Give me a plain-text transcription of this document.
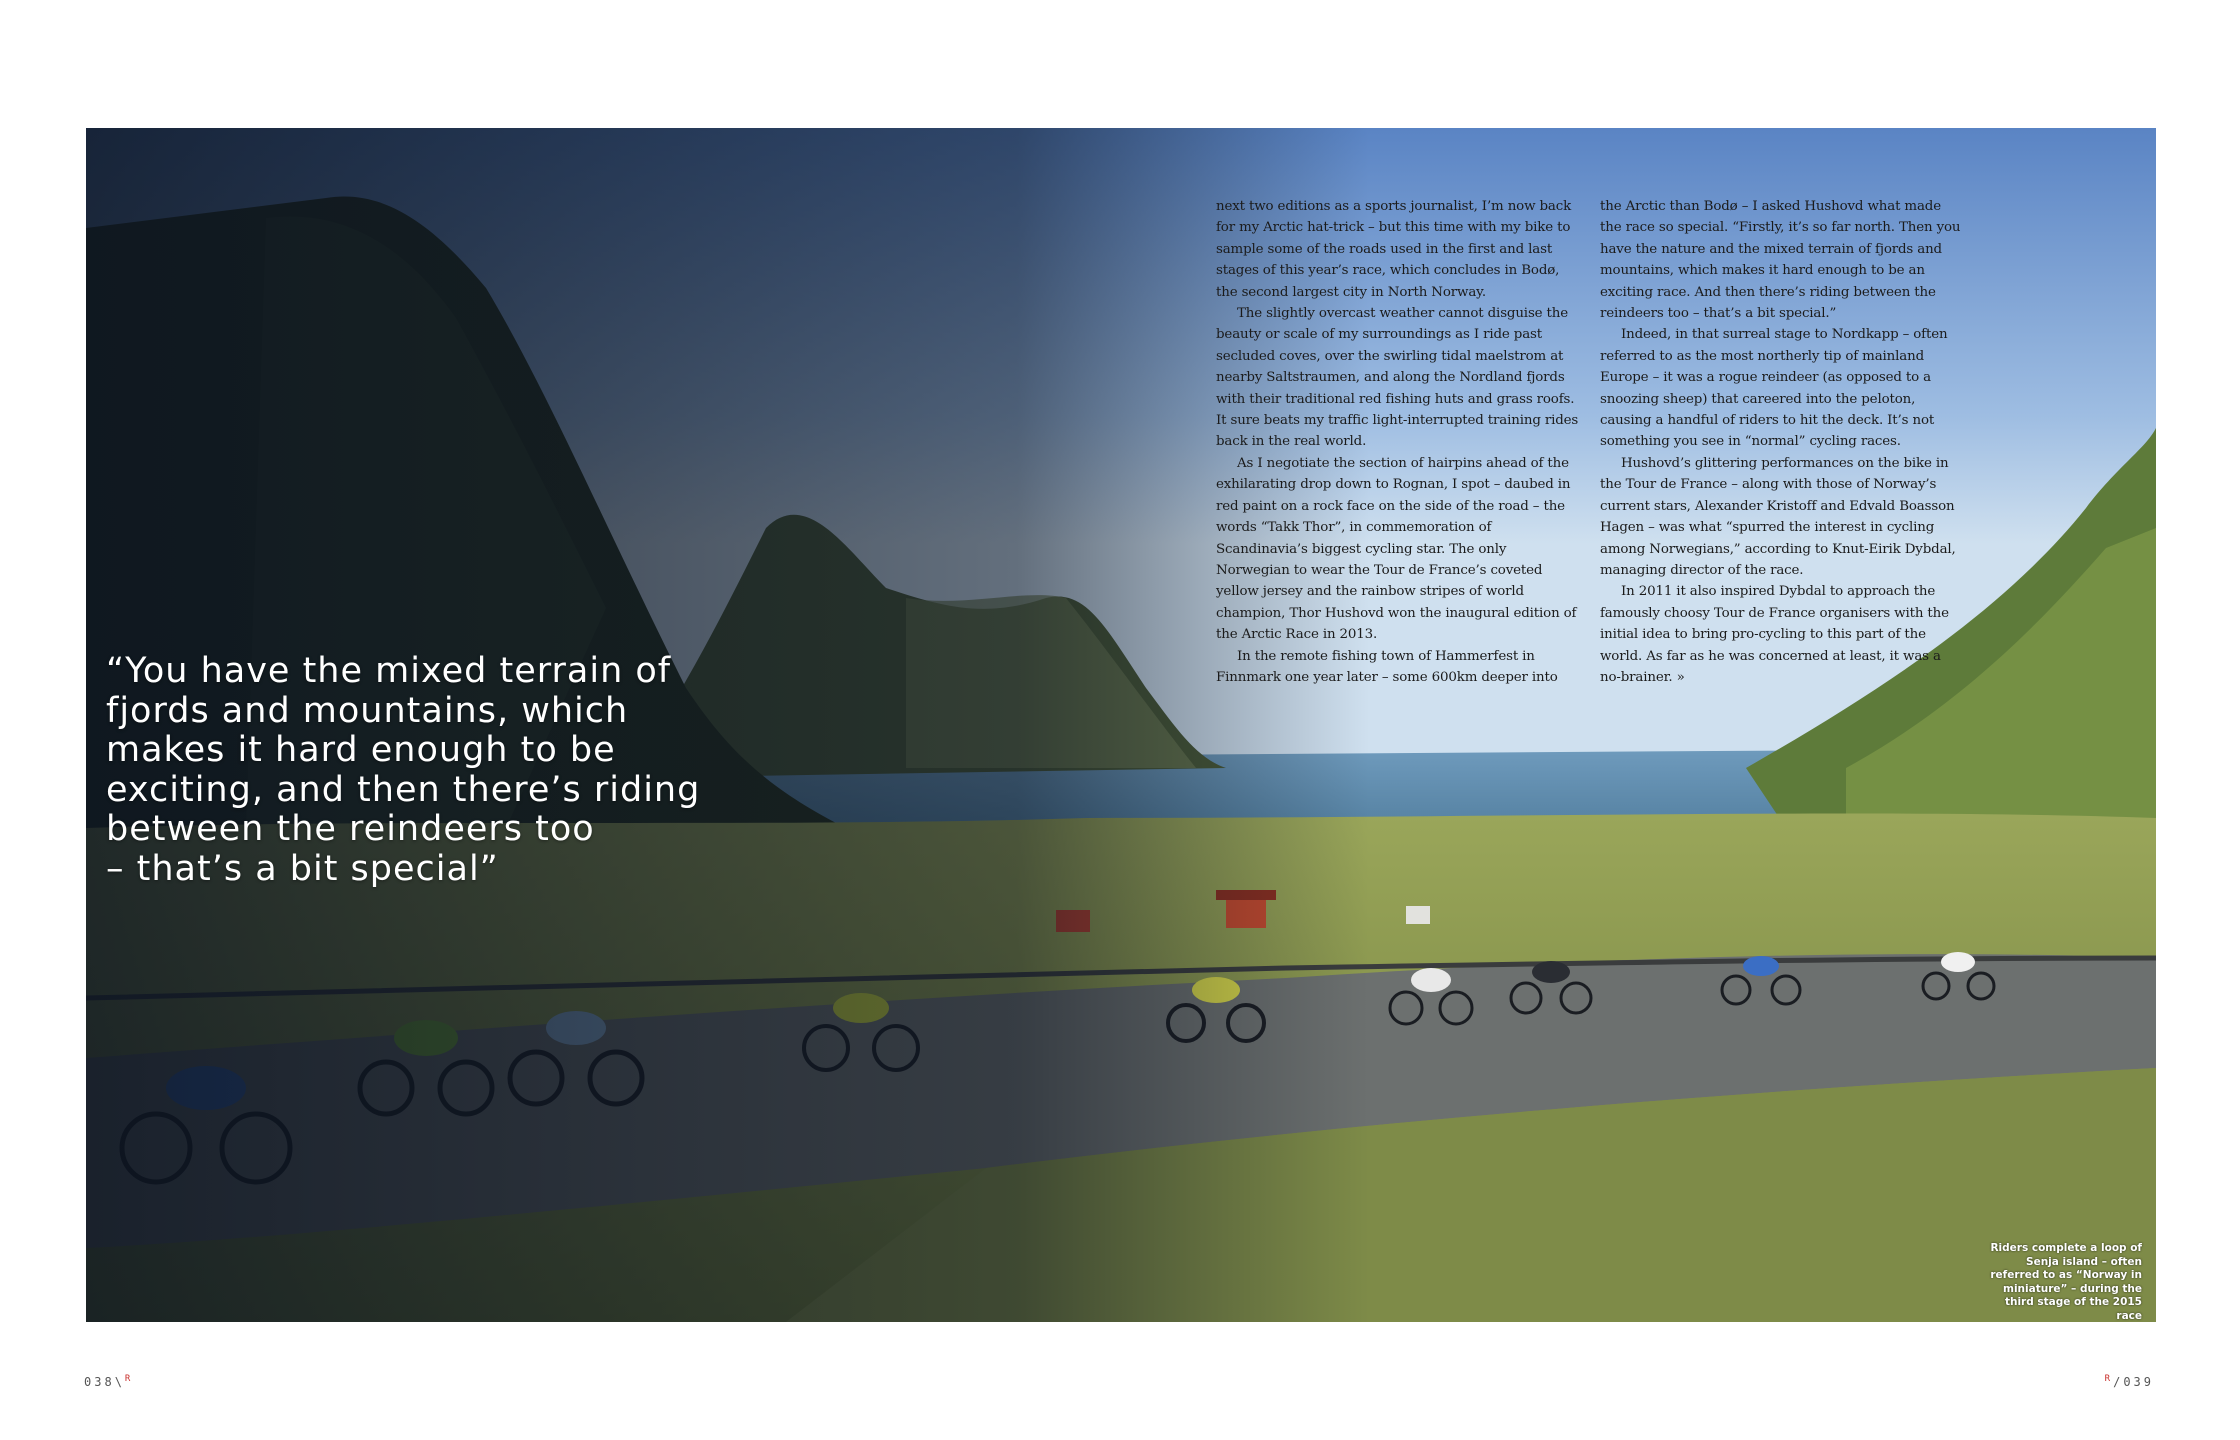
next two editions as a sports journalist, I’m now back for my Arctic hat-trick – but this time with my bike to sample some of the roads used in the first and last stages of this year’s race, which concludes in Bodø, the second largest city in North Norway.

The slightly overcast weather cannot disguise the beauty or scale of my surroundings as I ride past secluded coves, over the swirling tidal maelstrom at nearby Saltstraumen, and along the Nordland fjords with their traditional red fishing huts and grass roofs. It sure beats my traffic light-interrupted training rides back in the real world.

As I negotiate the section of hairpins ahead of the exhilarating drop down to Rognan, I spot – daubed in red paint on a rock face on the side of the road – the words “Takk Thor”, in commemoration of Scandinavia’s biggest cycling star. The only Norwegian to wear the Tour de France’s coveted yellow jersey and the rainbow stripes of world champion, Thor Hushovd won the inaugural edition of the Arctic Race in 2013.

In the remote fishing town of Hammerfest in Finnmark one year later – some 600km deeper into

the Arctic than Bodø – I asked Hushovd what made the race so special. “Firstly, it’s so far north. Then you have the nature and the mixed terrain of fjords and mountains, which makes it hard enough to be an exciting race. And then there’s riding between the reindeers too – that’s a bit special.”

Indeed, in that surreal stage to Nordkapp – often referred to as the most northerly tip of mainland Europe – it was a rogue reindeer (as opposed to a snoozing sheep) that careered into the peloton, causing a handful of riders to hit the deck. It’s not something you see in “normal” cycling races.

Hushovd’s glittering performances on the bike in the Tour de France – along with those of Norway’s current stars, Alexander Kristoff and Edvald Boasson Hagen – was what “spurred the interest in cycling among Norwegians,” according to Knut-Eirik Dybdal, managing director of the race.

In 2011 it also inspired Dybdal to approach the famously choosy Tour de France organisers with the initial idea to bring pro-cycling to this part of the world. As far as he was concerned at least, it was a no-brainer. »

“You have the mixed terrain of
fjords and mountains, which
makes it hard enough to be
exciting, and then there’s riding
between the reindeers too
– that’s a bit special”
Riders complete a loop of Senja island – often referred to as “Norway in miniature” – during the third stage of the 2015 race
038\$^R$	$^R$/039
